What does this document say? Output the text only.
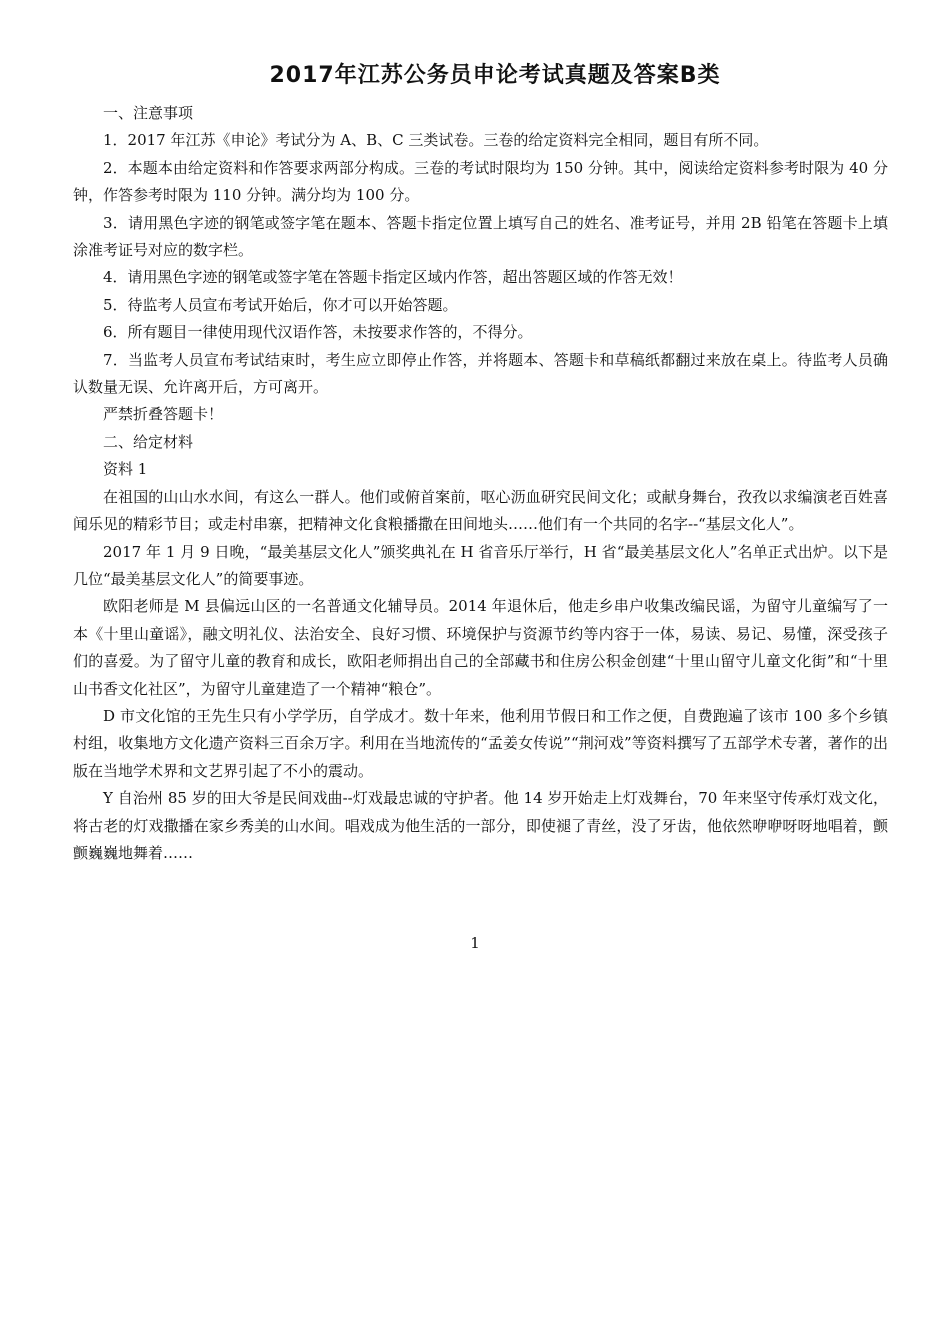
2017年江苏公务员申论考试真题及答案B类

一、注意事项

1．2017 年江苏《申论》考试分为 A、B、C 三类试卷。三卷的给定资料完全相同，题目有所不同。

2．本题本由给定资料和作答要求两部分构成。三卷的考试时限均为 150 分钟。其中，阅读给定资料参考时限为 40 分钟，作答参考时限为 110 分钟。满分均为 100 分。

3．请用黑色字迹的钢笔或签字笔在题本、答题卡指定位置上填写自己的姓名、准考证号，并用 2B 铅笔在答题卡上填涂准考证号对应的数字栏。

4．请用黑色字迹的钢笔或签字笔在答题卡指定区域内作答，超出答题区域的作答无效！

5．待监考人员宣布考试开始后，你才可以开始答题。

6．所有题目一律使用现代汉语作答，未按要求作答的，不得分。

7．当监考人员宣布考试结束时，考生应立即停止作答，并将题本、答题卡和草稿纸都翻过来放在桌上。待监考人员确认数量无误、允许离开后，方可离开。

严禁折叠答题卡！

二、给定材料

资料 1

在祖国的山山水水间，有这么一群人。他们或俯首案前，呕心沥血研究民间文化；或献身舞台，孜孜以求编演老百姓喜闻乐见的精彩节目；或走村串寨，把精神文化食粮播撒在田间地头……他们有一个共同的名字--“基层文化人”。

2017 年 1 月 9 日晚，“最美基层文化人”颁奖典礼在 H 省音乐厅举行，H 省“最美基层文化人”名单正式出炉。以下是几位“最美基层文化人”的简要事迹。

欧阳老师是 M 县偏远山区的一名普通文化辅导员。2014 年退休后，他走乡串户收集改编民谣，为留守儿童编写了一本《十里山童谣》，融文明礼仪、法治安全、良好习惯、环境保护与资源节约等内容于一体，易读、易记、易懂，深受孩子们的喜爱。为了留守儿童的教育和成长，欧阳老师捐出自己的全部藏书和住房公积金创建“十里山留守儿童文化街”和“十里山书香文化社区”，为留守儿童建造了一个精神“粮仓”。

D 市文化馆的王先生只有小学学历，自学成才。数十年来，他利用节假日和工作之便，自费跑遍了该市 100 多个乡镇村组，收集地方文化遗产资料三百余万字。利用在当地流传的“孟姜女传说”“荆河戏”等资料撰写了五部学术专著，著作的出版在当地学术界和文艺界引起了不小的震动。

Y 自治州 85 岁的田大爷是民间戏曲--灯戏最忠诚的守护者。他 14 岁开始走上灯戏舞台，70 年来坚守传承灯戏文化，将古老的灯戏撒播在家乡秀美的山水间。唱戏成为他生活的一部分，即使褪了青丝，没了牙齿，他依然咿咿呀呀地唱着，颤颤巍巍地舞着……

1
